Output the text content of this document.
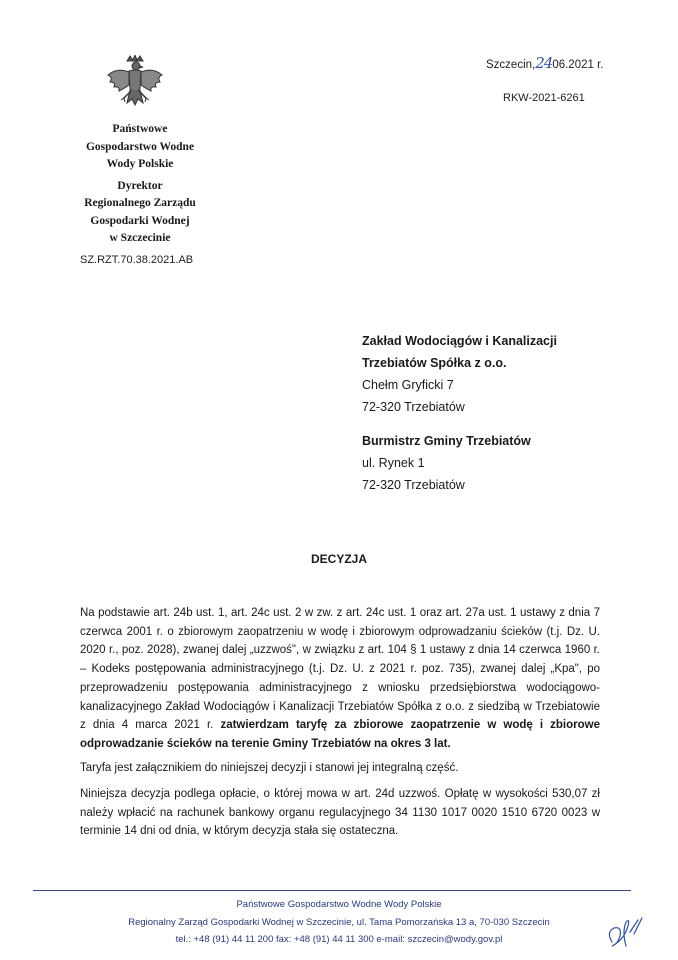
Państwowe
Gospodarstwo Wodne
Wody Polskie
Dyrektor
Regionalnego Zarządu
Gospodarki Wodnej
w Szczecinie
SZ.RZT.70.38.2021.AB
Szczecin,2406.2021 r.
RKW-2021-6261
Zakład Wodociągów i Kanalizacji
Trzebiatów Spółka z o.o.
Chełm Gryficki 7
72-320 Trzebiatów
Burmistrz Gminy Trzebiatów
ul. Rynek 1
72-320 Trzebiatów
DECYZJA
Na podstawie art. 24b ust. 1, art. 24c ust. 2 w zw. z art. 24c ust. 1 oraz art. 27a ust. 1 ustawy z dnia 7 czerwca 2001 r. o zbiorowym zaopatrzeniu w wodę i zbiorowym odprowadzaniu ścieków (t.j. Dz. U. 2020 r., poz. 2028), zwanej dalej „uzzwoś", w związku z art. 104 § 1 ustawy z dnia 14 czerwca 1960 r. – Kodeks postępowania administracyjnego (t.j. Dz. U. z 2021 r. poz. 735), zwanej dalej „Kpa", po przeprowadzeniu postępowania administracyjnego z wniosku przedsiębiorstwa wodociągowo-kanalizacyjnego Zakład Wodociągów i Kanalizacji Trzebiatów Spółka z o.o. z siedzibą w Trzebiatowie z dnia 4 marca 2021 r. zatwierdzam taryfę za zbiorowe zaopatrzenie w wodę i zbiorowe odprowadzanie ścieków na terenie Gminy Trzebiatów na okres 3 lat.
Taryfa jest załącznikiem do niniejszej decyzji i stanowi jej integralną część.
Niniejsza decyzja podlega opłacie, o której mowa w art. 24d uzzwoś. Opłatę w wysokości 530,07 zł należy wpłacić na rachunek bankowy organu regulacyjnego 34 1130 1017 0020 1510 6720 0023 w terminie 14 dni od dnia, w którym decyzja stała się ostateczna.
Państwowe Gospodarstwo Wodne Wody Polskie
Regionalny Zarząd Gospodarki Wodnej w Szczecinie, ul. Tama Pomorzańska 13 a, 70-030 Szczecin
tel.: +48 (91) 44 11 200 fax: +48 (91) 44 11 300 e-mail: szczecin@wody.gov.pl
